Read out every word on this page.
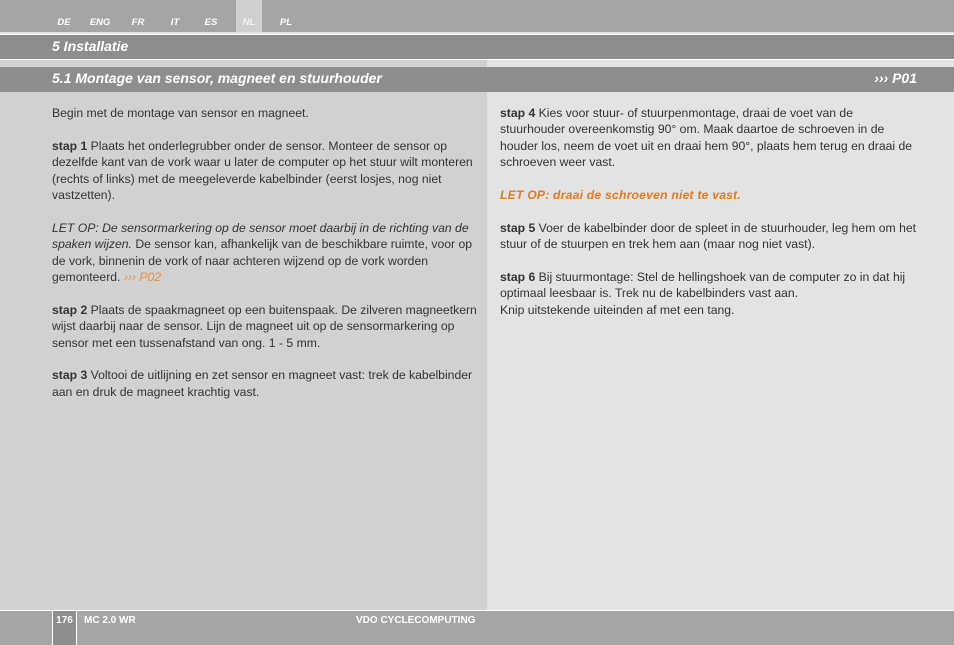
DE	ENG	FR	IT	ES	NL	PL
5 Installatie
5.1 Montage van sensor, magneet en stuurhouder	››› P01

Begin met de montage van sensor en magneet.

stap 1 Plaats het onderlegrubber onder de sensor. Monteer de sensor op dezelfde kant van de vork waar u later de computer op het stuur wilt monteren (rechts of links) met de meegeleverde kabelbinder (eerst losjes, nog niet vastzetten).

LET OP: De sensormarkering op de sensor moet daarbij in de richting van de spaken wijzen. De sensor kan, afhankelijk van de beschikbare ruimte, voor op de vork, binnenin de vork of naar achteren wijzend op de vork worden gemonteerd. ››› P02

stap 2 Plaats de spaakmagneet op een buitenspaak. De zilveren magneetkern wijst daarbij naar de sensor. Lijn de magneet uit op de sensormarkering op sensor met een tussenafstand van ong. 1 - 5 mm.

stap 3 Voltooi de uitlijning en zet sensor en magneet vast: trek de kabelbinder aan en druk de magneet krachtig vast.

stap 4 Kies voor stuur- of stuurpenmontage, draai de voet van de stuurhouder overeenkomstig 90° om. Maak daartoe de schroeven in de houder los, neem de voet uit en draai hem 90°, plaats hem terug en draai de schroeven weer vast.

LET OP: draai de schroeven niet te vast.

stap 5 Voer de kabelbinder door de spleet in de stuurhouder, leg hem om het stuur of de stuurpen en trek hem aan (maar nog niet vast).

stap 6 Bij stuurmontage: Stel de hellingshoek van de computer zo in dat hij optimaal leesbaar is. Trek nu de kabelbinders vast aan.
Knip uitstekende uiteinden af met een tang.

176	MC 2.0 WR	VDO CYCLECOMPUTING
